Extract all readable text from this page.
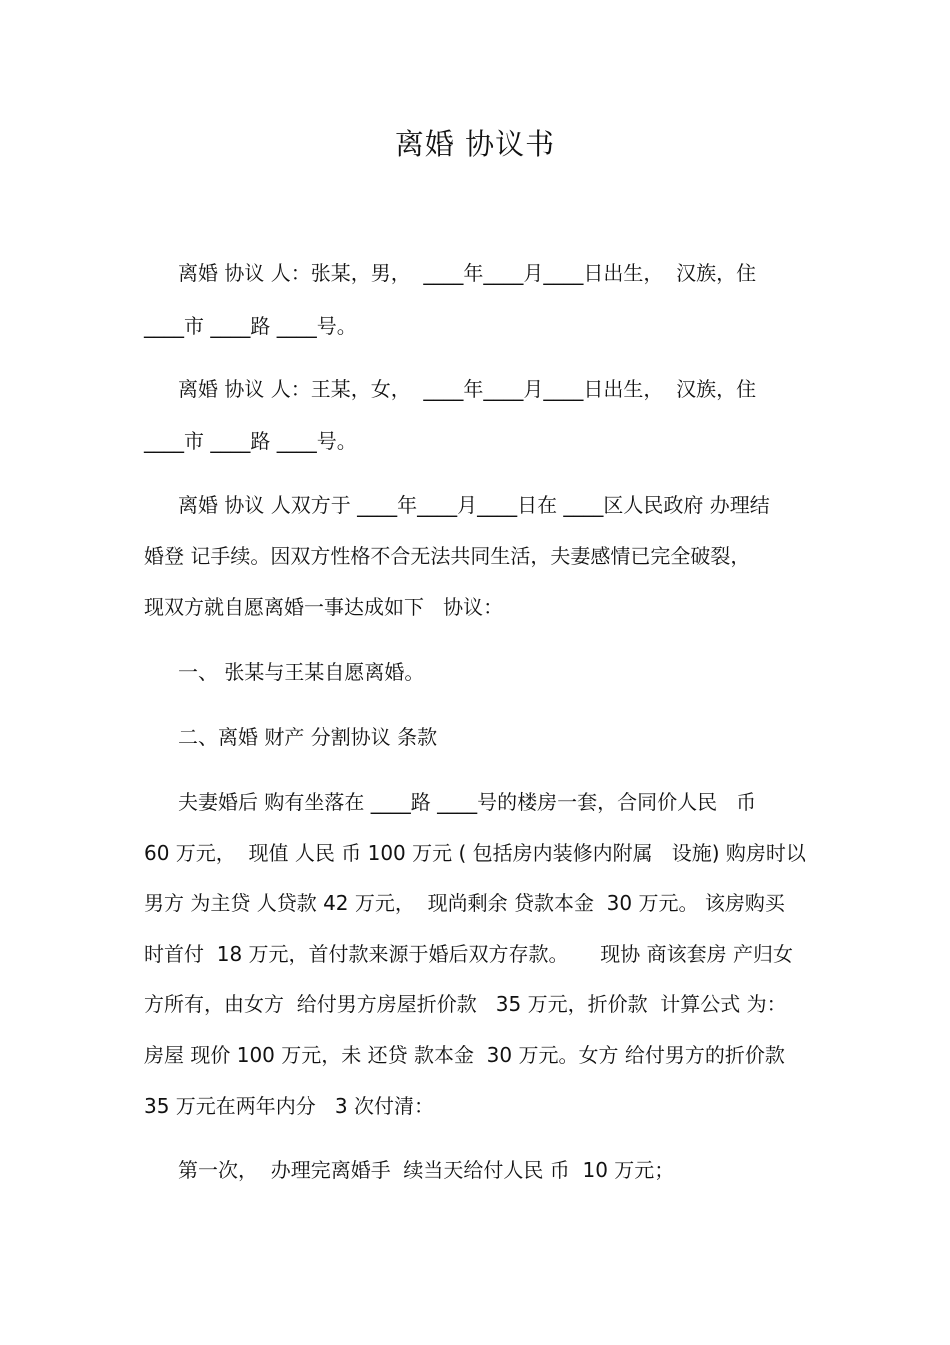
离婚 协议书
离婚 协议 人：张某，男，  ____年____月____日出生，  汉族，住
____市 ____路 ____号。
离婚 协议 人：王某，女，  ____年____月____日出生，  汉族，住
____市 ____路 ____号。
离婚 协议 人双方于 ____年____月____日在 ____区人民政府 办理结
婚登 记手续。因双方性格不合无法共同生活，夫妻感情已完全破裂，
现双方就自愿离婚一事达成如下   协议：
一、 张某与王某自愿离婚。
二、离婚 财产 分割协议 条款
夫妻婚后 购有坐落在 ____路 ____号的楼房一套，合同价人民   币
60 万元，  现值 人民 币 100 万元 ( 包括房内装修内附属   设施) 购房时以
男方 为主贷 人贷款 42 万元，  现尚剩余 贷款本金  30 万元。 该房购买
时首付  18 万元，首付款来源于婚后双方存款。     现协 商该套房 产归女
方所有，由女方  给付男方房屋折价款   35 万元，折价款  计算公式 为：
房屋 现价 100 万元，未 还贷 款本金  30 万元。女方 给付男方的折价款
35 万元在两年内分   3 次付清：
第一次，  办理完离婚手  续当天给付人民 币  10 万元；
